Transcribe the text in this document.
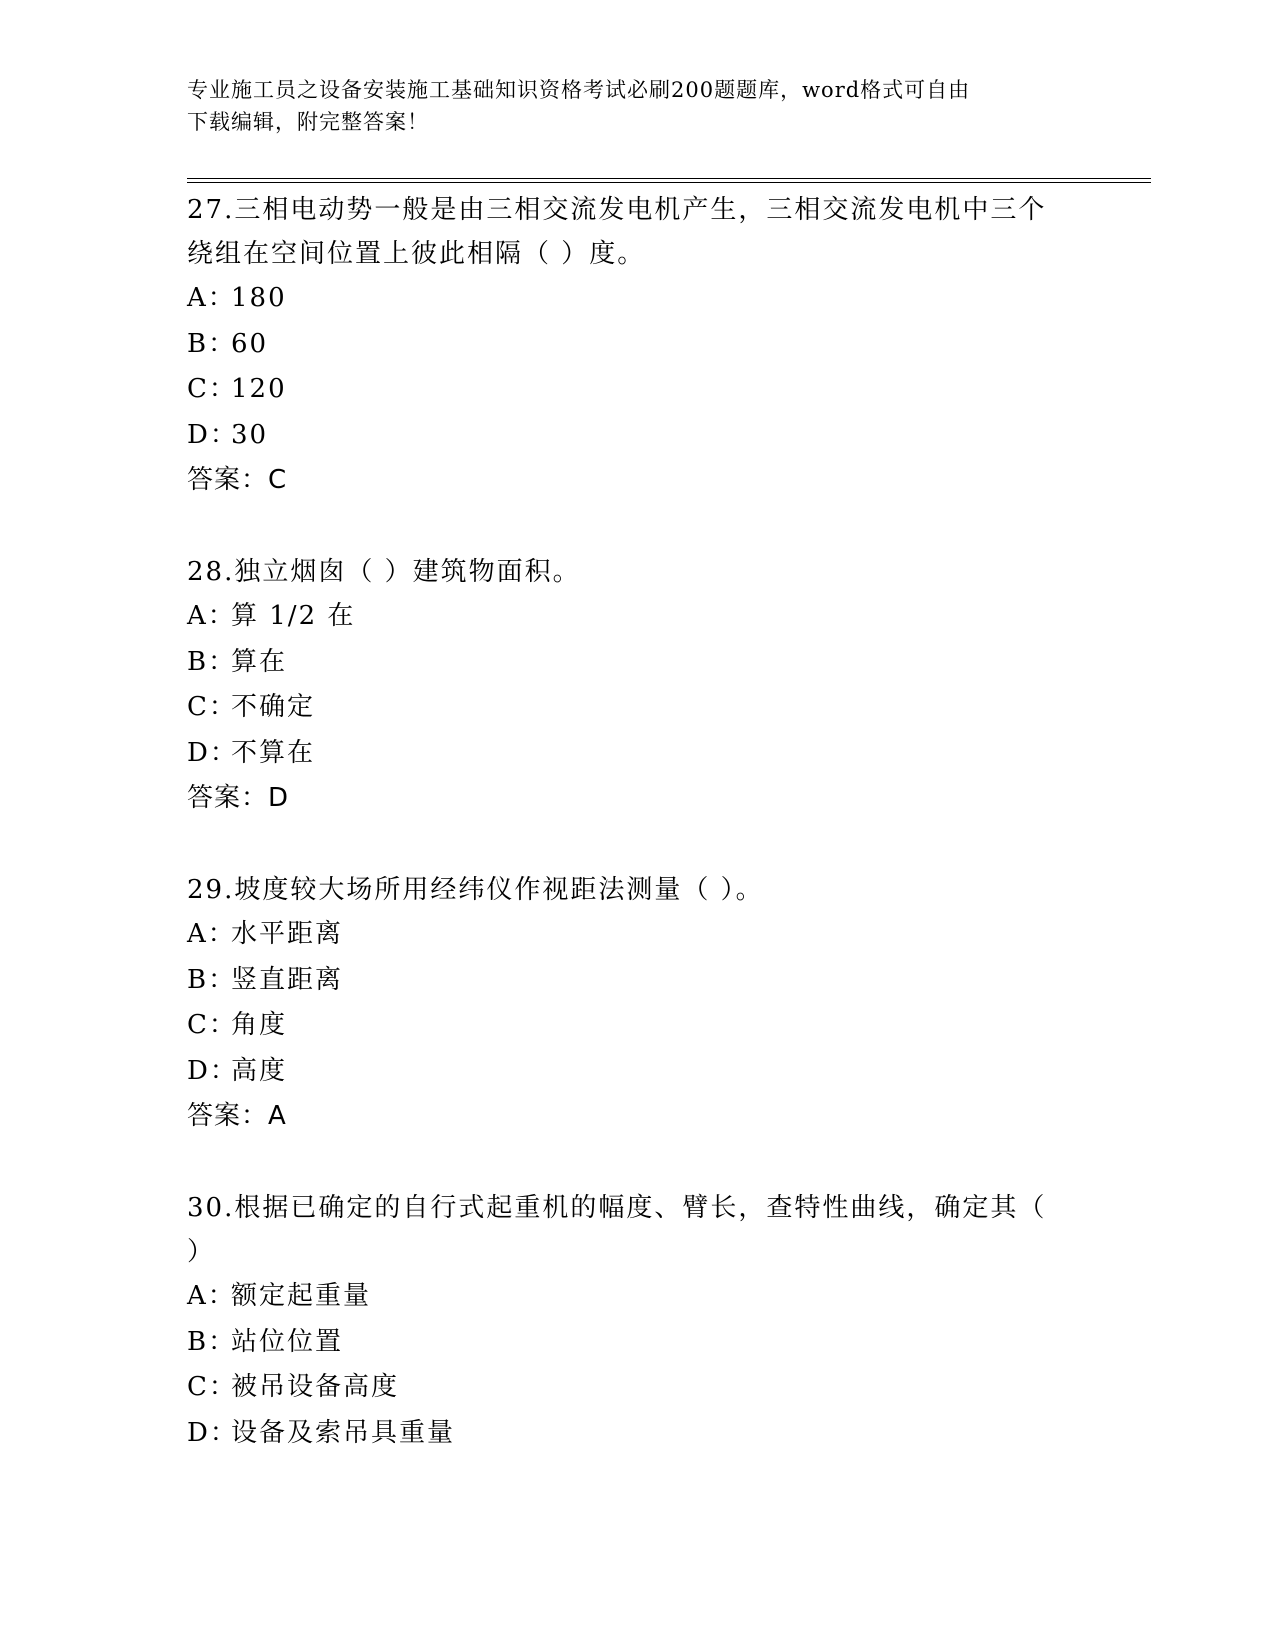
专业施工员之设备安装施工基础知识资格考试必刷200题题库，word格式可自由
下载编辑，附完整答案！

27.三相电动势一般是由三相交流发电机产生，三相交流发电机中三个

绕组在空间位置上彼此相隔（ ）度。

A：180

B：60

C：120

D：30

答案：C

28.独立烟囱（ ）建筑物面积。

A：算 1/2 在

B：算在

C：不确定

D：不算在

答案：D

29.坡度较大场所用经纬仪作视距法测量（ ）。

A：水平距离

B：竖直距离

C：角度

D：高度

答案：A

30.根据已确定的自行式起重机的幅度、臂长，查特性曲线，确定其（

）

A：额定起重量

B：站位位置

C：被吊设备高度

D：设备及索吊具重量
